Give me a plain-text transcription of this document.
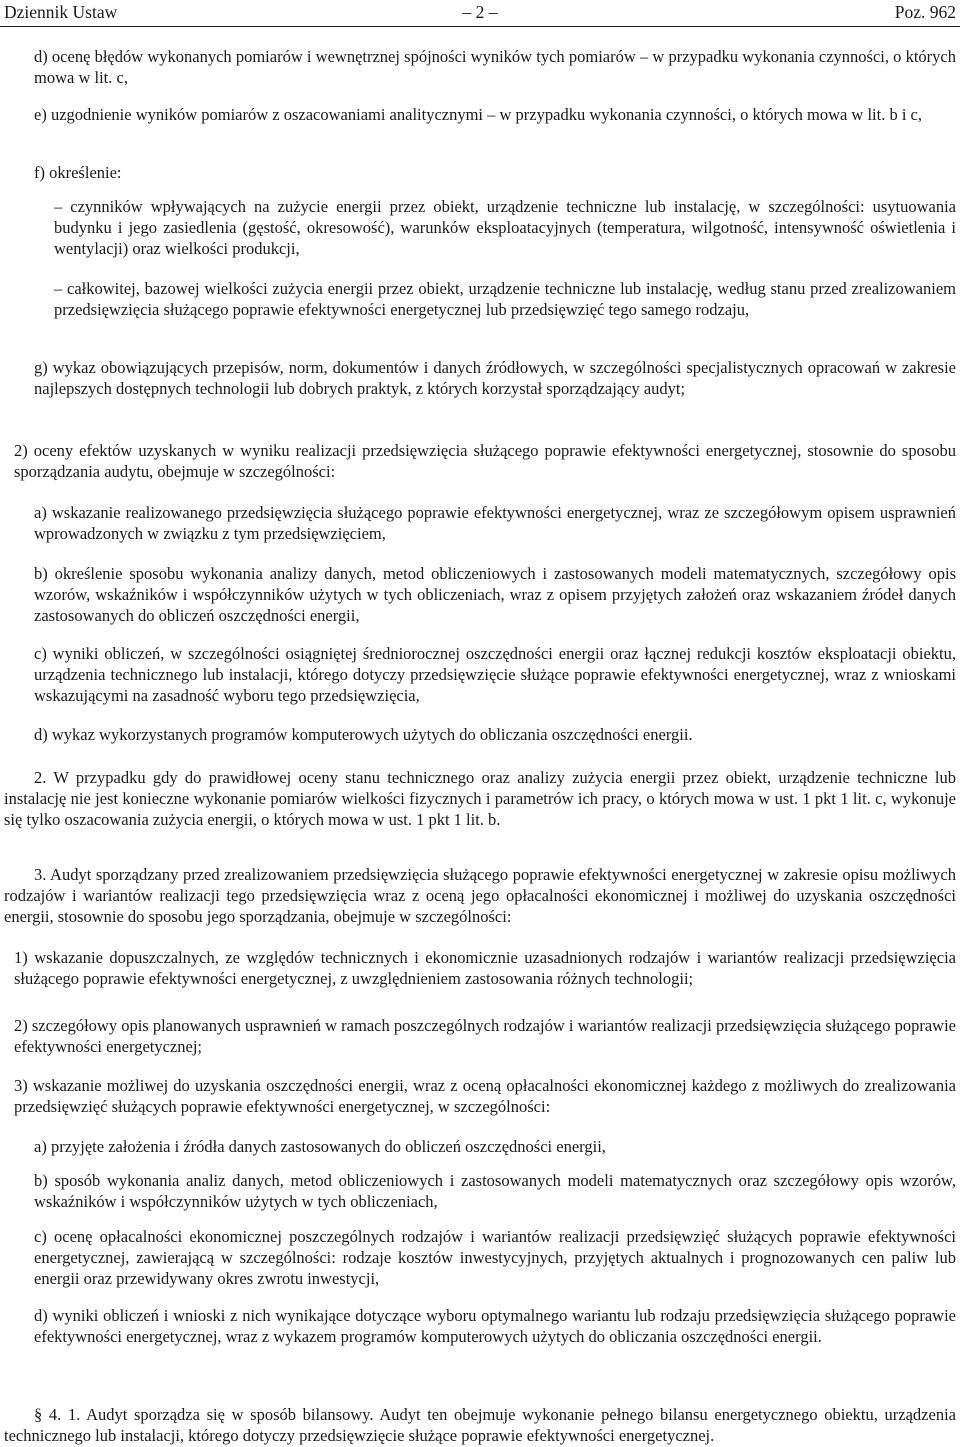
Dziennik Ustaw	– 2 –	Poz. 962
d) ocenę błędów wykonanych pomiarów i wewnętrznej spójności wyników tych pomiarów – w przypadku wykonania czynności, o których mowa w lit. c,
e) uzgodnienie wyników pomiarów z oszacowaniami analitycznymi – w przypadku wykonania czynności, o których mowa w lit. b i c,
f) określenie:
– czynników wpływających na zużycie energii przez obiekt, urządzenie techniczne lub instalację, w szczególności: usytuowania budynku i jego zasiedlenia (gęstość, okresowość), warunków eksploatacyjnych (temperatura, wilgotność, intensywność oświetlenia i wentylacji) oraz wielkości produkcji,
– całkowitej, bazowej wielkości zużycia energii przez obiekt, urządzenie techniczne lub instalację, według stanu przed zrealizowaniem przedsięwzięcia służącego poprawie efektywności energetycznej lub przedsięwzięć tego samego rodzaju,
g) wykaz obowiązujących przepisów, norm, dokumentów i danych źródłowych, w szczególności specjalistycznych opracowań w zakresie najlepszych dostępnych technologii lub dobrych praktyk, z których korzystał sporządzający audyt;
2) oceny efektów uzyskanych w wyniku realizacji przedsięwzięcia służącego poprawie efektywności energetycznej, stosownie do sposobu sporządzania audytu, obejmuje w szczególności:
a) wskazanie realizowanego przedsięwzięcia służącego poprawie efektywności energetycznej, wraz ze szczegółowym opisem usprawnień wprowadzonych w związku z tym przedsięwzięciem,
b) określenie sposobu wykonania analizy danych, metod obliczeniowych i zastosowanych modeli matematycznych, szczegółowy opis wzorów, wskaźników i współczynników użytych w tych obliczeniach, wraz z opisem przyjętych założeń oraz wskazaniem źródeł danych zastosowanych do obliczeń oszczędności energii,
c) wyniki obliczeń, w szczególności osiągniętej średniorocznej oszczędności energii oraz łącznej redukcji kosztów eksploatacji obiektu, urządzenia technicznego lub instalacji, którego dotyczy przedsięwzięcie służące poprawie efektywności energetycznej, wraz z wnioskami wskazującymi na zasadność wyboru tego przedsięwzięcia,
d) wykaz wykorzystanych programów komputerowych użytych do obliczania oszczędności energii.
2. W przypadku gdy do prawidłowej oceny stanu technicznego oraz analizy zużycia energii przez obiekt, urządzenie techniczne lub instalację nie jest konieczne wykonanie pomiarów wielkości fizycznych i parametrów ich pracy, o których mowa w ust. 1 pkt 1 lit. c, wykonuje się tylko oszacowania zużycia energii, o których mowa w ust. 1 pkt 1 lit. b.
3. Audyt sporządzany przed zrealizowaniem przedsięwzięcia służącego poprawie efektywności energetycznej w zakresie opisu możliwych rodzajów i wariantów realizacji tego przedsięwzięcia wraz z oceną jego opłacalności ekonomicznej i możliwej do uzyskania oszczędności energii, stosownie do sposobu jego sporządzania, obejmuje w szczególności:
1) wskazanie dopuszczalnych, ze względów technicznych i ekonomicznie uzasadnionych rodzajów i wariantów realizacji przedsięwzięcia służącego poprawie efektywności energetycznej, z uwzględnieniem zastosowania różnych technologii;
2) szczegółowy opis planowanych usprawnień w ramach poszczególnych rodzajów i wariantów realizacji przedsięwzięcia służącego poprawie efektywności energetycznej;
3) wskazanie możliwej do uzyskania oszczędności energii, wraz z oceną opłacalności ekonomicznej każdego z możliwych do zrealizowania przedsięwzięć służących poprawie efektywności energetycznej, w szczególności:
a) przyjęte założenia i źródła danych zastosowanych do obliczeń oszczędności energii,
b) sposób wykonania analiz danych, metod obliczeniowych i zastosowanych modeli matematycznych oraz szczegółowy opis wzorów, wskaźników i współczynników użytych w tych obliczeniach,
c) ocenę opłacalności ekonomicznej poszczególnych rodzajów i wariantów realizacji przedsięwzięć służących poprawie efektywności energetycznej, zawierającą w szczególności: rodzaje kosztów inwestycyjnych, przyjętych aktualnych i prognozowanych cen paliw lub energii oraz przewidywany okres zwrotu inwestycji,
d) wyniki obliczeń i wnioski z nich wynikające dotyczące wyboru optymalnego wariantu lub rodzaju przedsięwzięcia służącego poprawie efektywności energetycznej, wraz z wykazem programów komputerowych użytych do obliczania oszczędności energii.
§ 4. 1. Audyt sporządza się w sposób bilansowy. Audyt ten obejmuje wykonanie pełnego bilansu energetycznego obiektu, urządzenia technicznego lub instalacji, którego dotyczy przedsięwzięcie służące poprawie efektywności energetycznej.
